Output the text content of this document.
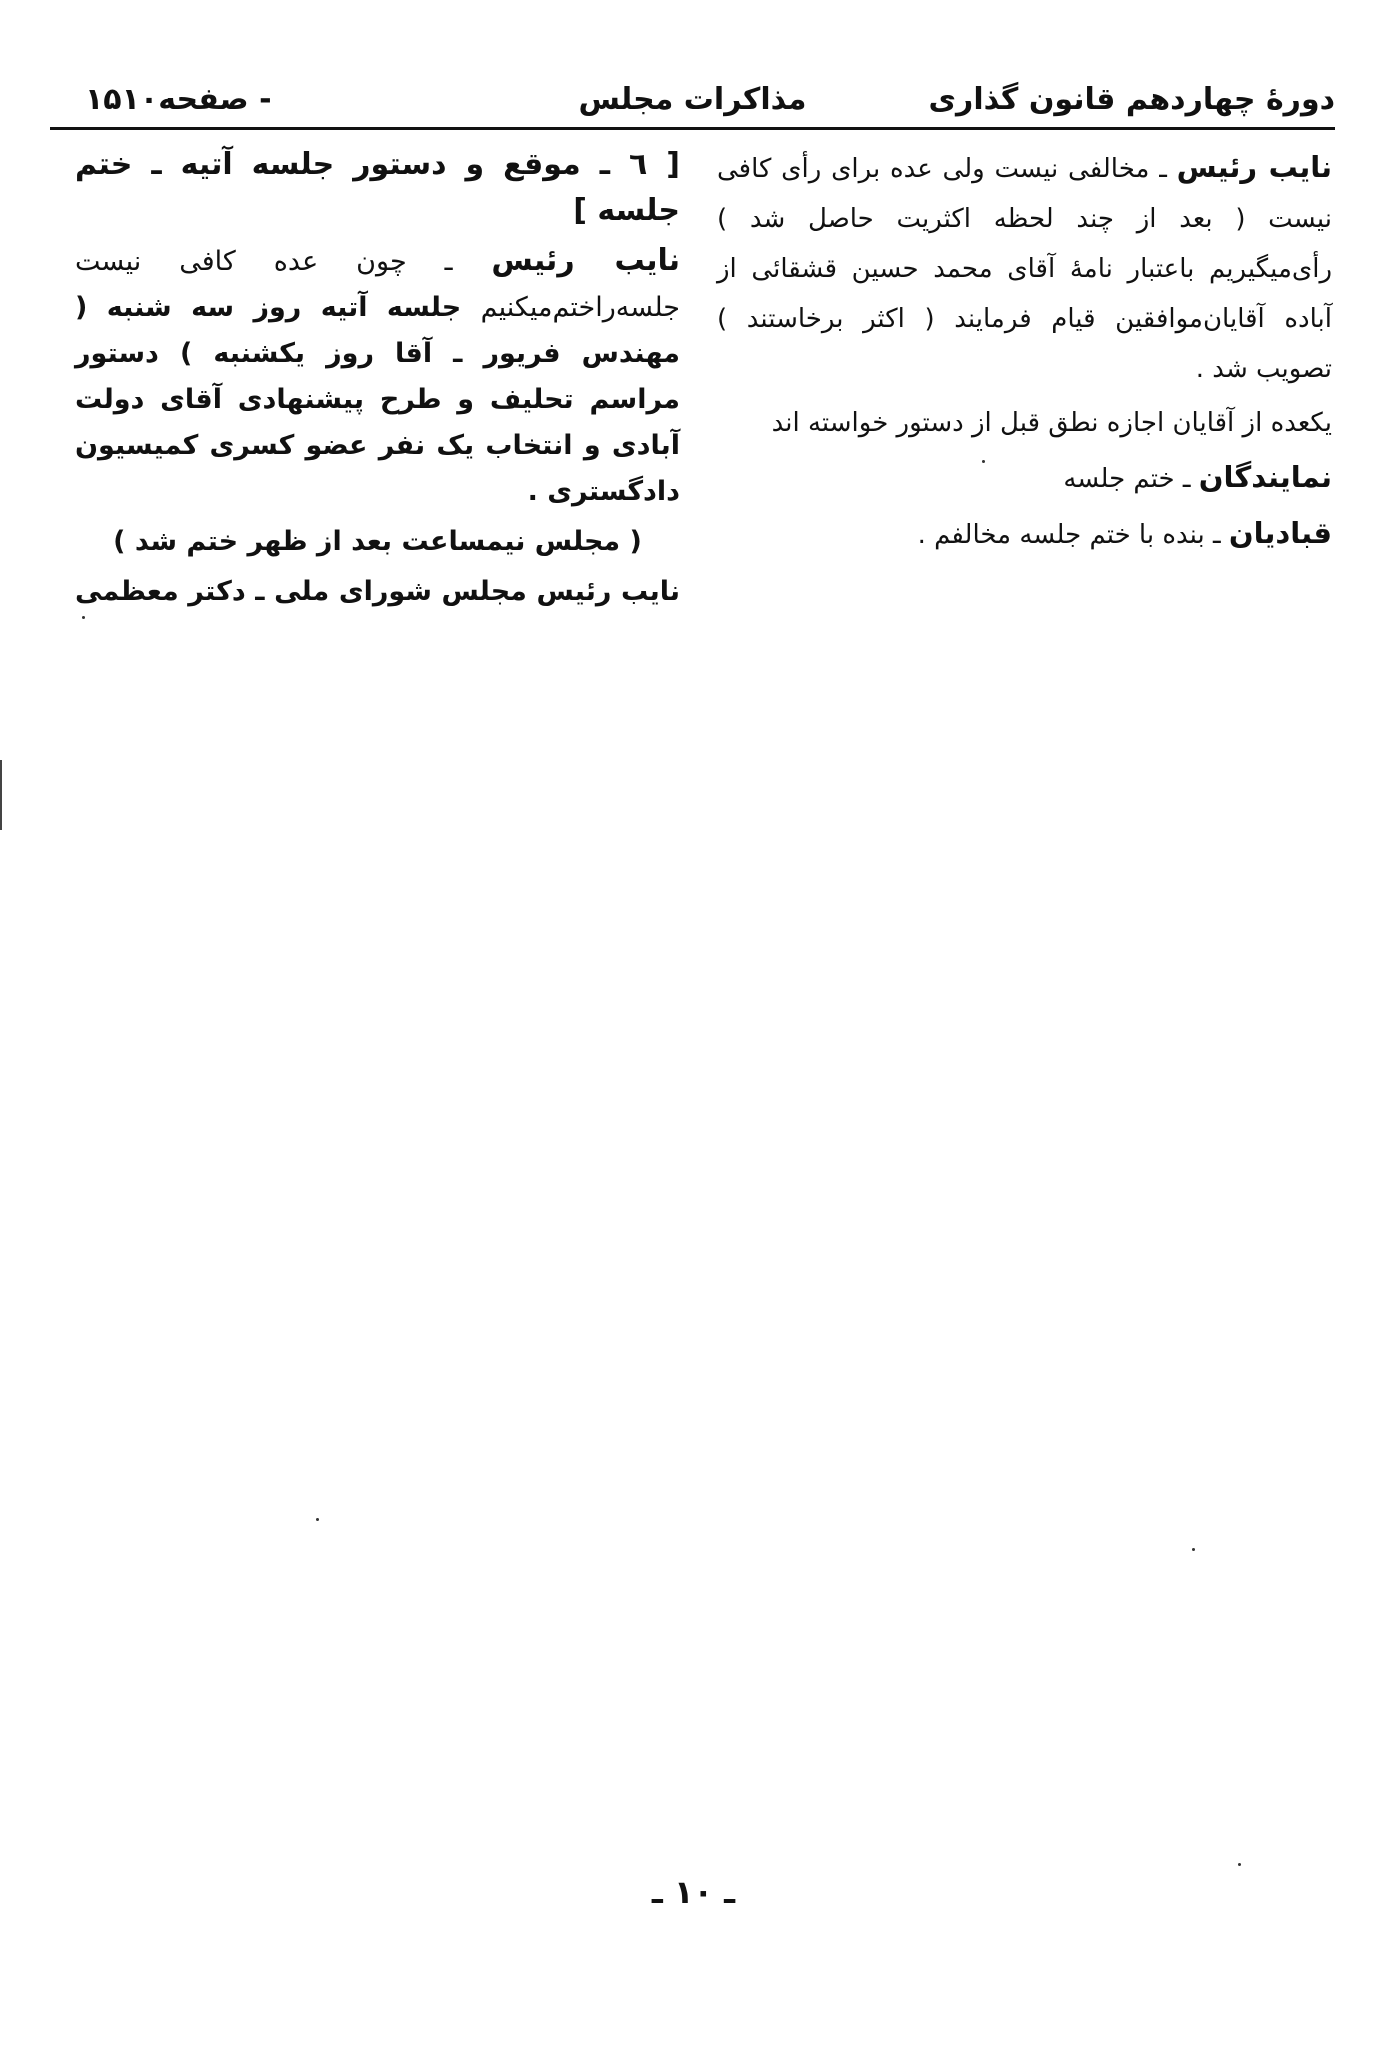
دورهٔ چهاردهم قانون گذاری
مذاکرات مجلس
- صفحه۱۵۱۰

نایب رئیس ـ مخالفی نیست ولی عده برای رأی کافی نیست ( بعد از چند لحظه اکثریت حاصل شد ) رأی‌میگیریم باعتبار نامهٔ آقای محمد حسین قشقائی از آباده آقایان‌موافقین قیام فرمایند ( اکثر برخاستند ) تصویب شد .

یکعده از آقایان اجازه نطق قبل از دستور خواسته اند

نمایندگان ـ ختم جلسه

قبادیان ـ بنده با ختم جلسه مخالفم .

[ ٦ ـ موقع و دستور جلسه آتیه ـ ختم جلسه ]

نایب رئیس ـ چون عده کافی نیست جلسه‌راختم‌میکنیم جلسه آتیه روز سه شنبه ( مهندس فریور ـ آقا روز یکشنبه ) دستور مراسم تحلیف و طرح پیشنهادی آقای دولت آبادی و انتخاب یک نفر عضو کسری کمیسیون دادگستری .

( مجلس نیمساعت بعد از ظهر ختم شد )

نایب رئیس مجلس شورای ملی ـ دکتر معظمی

ـ ۱۰ ـ
